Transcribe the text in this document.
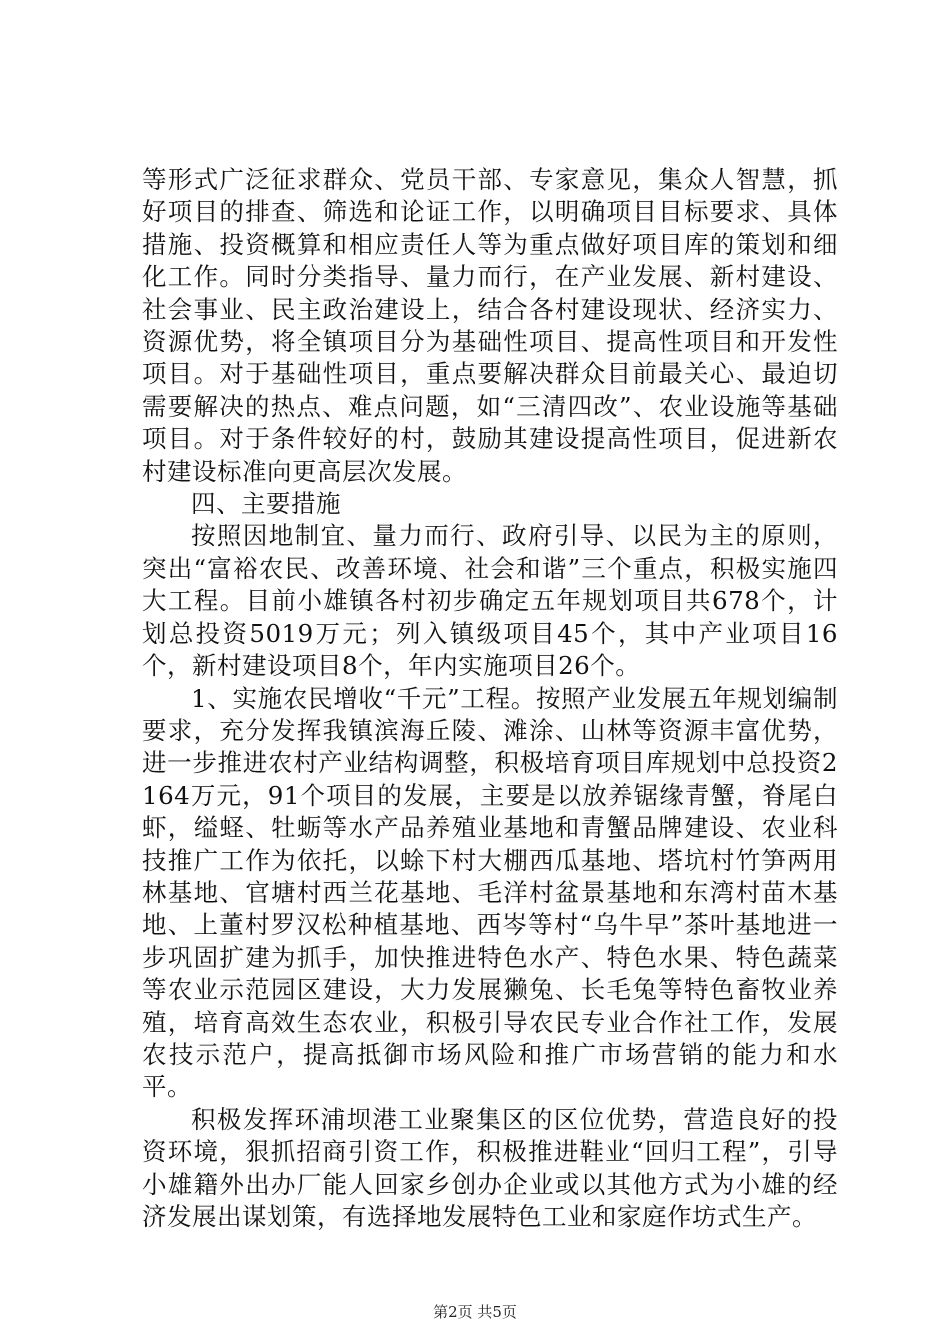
等形式广泛征求群众、党员干部、专家意见，集众人智慧，抓好项目的排查、筛选和论证工作，以明确项目目标要求、具体措施、投资概算和相应责任人等为重点做好项目库的策划和细化工作。同时分类指导、量力而行，在产业发展、新村建设、社会事业、民主政治建设上，结合各村建设现状、经济实力、资源优势，将全镇项目分为基础性项目、提高性项目和开发性项目。对于基础性项目，重点要解决群众目前最关心、最迫切需要解决的热点、难点问题，如“三清四改”、农业设施等基础项目。对于条件较好的村，鼓励其建设提高性项目，促进新农村建设标准向更高层次发展。

四、主要措施

按照因地制宜、量力而行、政府引导、以民为主的原则，突出“富裕农民、改善环境、社会和谐”三个重点，积极实施四大工程。目前小雄镇各村初步确定五年规划项目共678个，计划总投资5019万元；列入镇级项目45个，其中产业项目16个，新村建设项目8个，年内实施项目26个。

1、实施农民增收“千元”工程。按照产业发展五年规划编制要求，充分发挥我镇滨海丘陵、滩涂、山林等资源丰富优势，进一步推进农村产业结构调整，积极培育项目库规划中总投资2164万元，91个项目的发展，主要是以放养锯缘青蟹，脊尾白虾，缢蛏、牡蛎等水产品养殖业基地和青蟹品牌建设、农业科技推广工作为依托，以蜍下村大棚西瓜基地、塔坑村竹笋两用林基地、官塘村西兰花基地、毛洋村盆景基地和东湾村苗木基地、上董村罗汉松种植基地、西岑等村“乌牛早”茶叶基地进一步巩固扩建为抓手，加快推进特色水产、特色水果、特色蔬菜等农业示范园区建设，大力发展獭兔、长毛兔等特色畜牧业养殖，培育高效生态农业，积极引导农民专业合作社工作，发展农技示范户，提高抵御市场风险和推广市场营销的能力和水平。

积极发挥环浦坝港工业聚集区的区位优势，营造良好的投资环境，狠抓招商引资工作，积极推进鞋业“回归工程”，引导小雄籍外出办厂能人回家乡创办企业或以其他方式为小雄的经济发展出谋划策，有选择地发展特色工业和家庭作坊式生产。

第2页 共5页
